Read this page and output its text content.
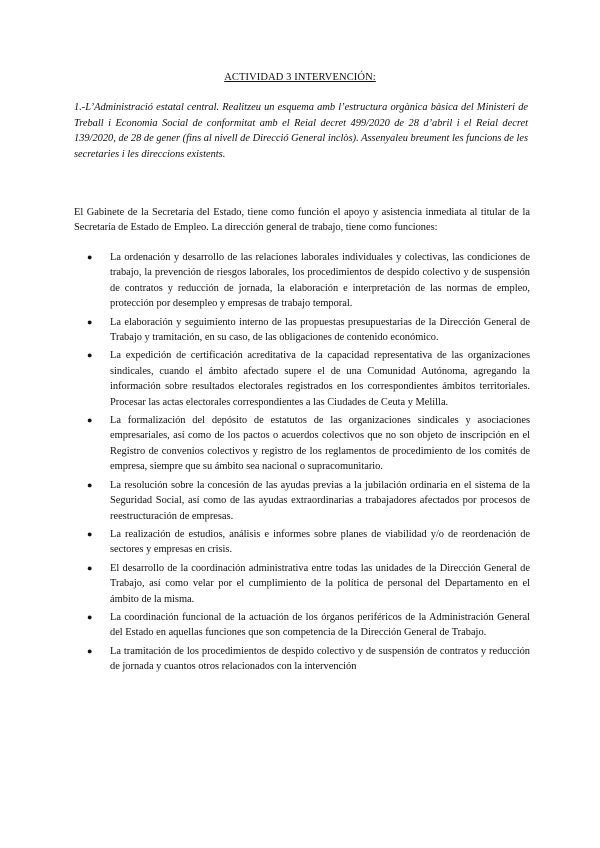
ACTIVIDAD 3 INTERVENCIÓN:

1.-L’Administració estatal central. Realitzeu un esquema amb l’estructura orgànica bàsica del Ministeri de Treball i Economia Social de conformitat amb el Reial decret 499/2020 de 28 d’abril i el Reial decret 139/2020, de 28 de gener (fins al nivell de Direcció General inclòs). Assenyaleu breument les funcions de les secretaries i les direccions existents.

El Gabinete de la Secretaría del Estado, tiene como función el apoyo y asistencia inmediata al titular de la Secretaría de Estado de Empleo. La dirección general de trabajo, tiene como funciones:

● La ordenación y desarrollo de las relaciones laborales individuales y colectivas, las condiciones de trabajo, la prevención de riesgos laborales, los procedimientos de despido colectivo y de suspensión de contratos y reducción de jornada, la elaboración e interpretación de las normas de empleo, protección por desempleo y empresas de trabajo temporal.
● La elaboración y seguimiento interno de las propuestas presupuestarias de la Dirección General de Trabajo y tramitación, en su caso, de las obligaciones de contenido económico.
● La expedición de certificación acreditativa de la capacidad representativa de las organizaciones sindicales, cuando el ámbito afectado supere el de una Comunidad Autónoma, agregando la información sobre resultados electorales registrados en los correspondientes ámbitos territoriales. Procesar las actas electorales correspondientes a las Ciudades de Ceuta y Melilla.
● La formalización del depósito de estatutos de las organizaciones sindicales y asociaciones empresariales, así como de los pactos o acuerdos colectivos que no son objeto de inscripción en el Registro de convenios colectivos y registro de los reglamentos de procedimiento de los comités de empresa, siempre que su ámbito sea nacional o supracomunitario.
● La resolución sobre la concesión de las ayudas previas a la jubilación ordinaria en el sistema de la Seguridad Social, así como de las ayudas extraordinarias a trabajadores afectados por procesos de reestructuración de empresas.
● La realización de estudios, análisis e informes sobre planes de viabilidad y/o de reordenación de sectores y empresas en crisis.
● El desarrollo de la coordinación administrativa entre todas las unidades de la Dirección General de Trabajo, así como velar por el cumplimiento de la política de personal del Departamento en el ámbito de la misma.
● La coordinación funcional de la actuación de los órganos periféricos de la Administración General del Estado en aquellas funciones que son competencia de la Dirección General de Trabajo.
● La tramitación de los procedimientos de despido colectivo y de suspensión de contratos y reducción de jornada y cuantos otros relacionados con la intervención
